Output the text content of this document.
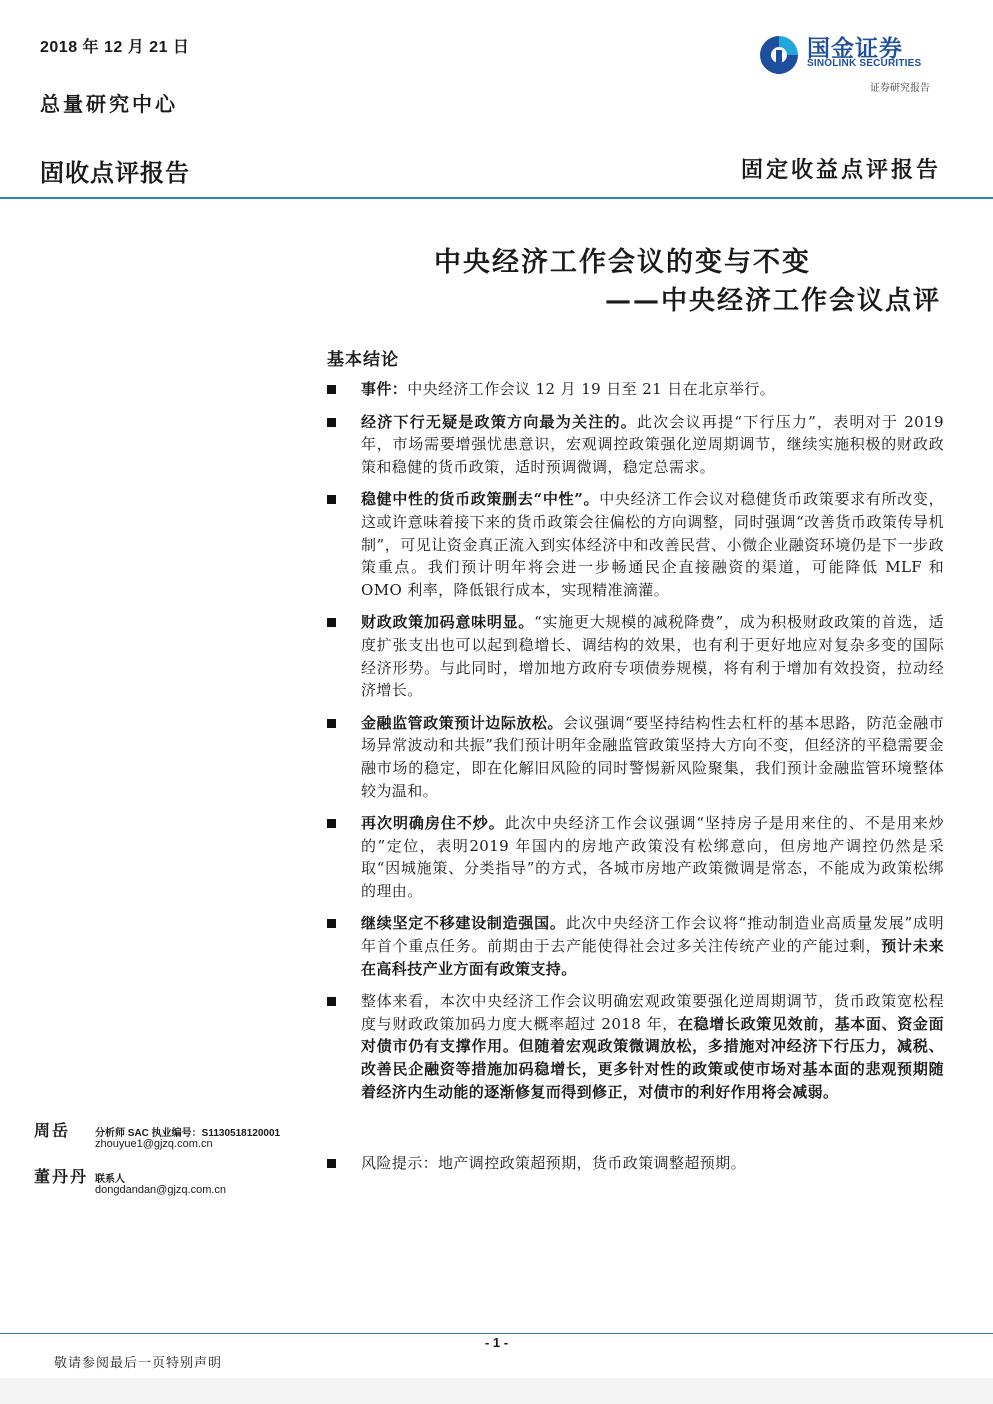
2018 年 12 月 21 日
总量研究中心
国金证券
SINOLINK SECURITIES
证券研究报告
固收点评报告	固定收益点评报告
中央经济工作会议的变与不变
——中央经济工作会议点评
基本结论
事件：中央经济工作会议 12 月 19 日至 21 日在北京举行。
经济下行无疑是政策方向最为关注的。此次会议再提“下行压力”，表明对于 2019 年，市场需要增强忧患意识，宏观调控政策强化逆周期调节，继续实施积极的财政政策和稳健的货币政策，适时预调微调，稳定总需求。
稳健中性的货币政策删去“中性”。中央经济工作会议对稳健货币政策要求有所改变，这或许意味着接下来的货币政策会往偏松的方向调整，同时强调“改善货币政策传导机制”，可见让资金真正流入到实体经济中和改善民营、小微企业融资环境仍是下一步政策重点。我们预计明年将会进一步畅通民企直接融资的渠道，可能降低 MLF 和 OMO 利率，降低银行成本，实现精准滴灌。
财政政策加码意味明显。“实施更大规模的减税降费”，成为积极财政政策的首选，适度扩张支出也可以起到稳增长、调结构的效果，也有利于更好地应对复杂多变的国际经济形势。与此同时，增加地方政府专项债券规模，将有利于增加有效投资，拉动经济增长。
金融监管政策预计边际放松。会议强调“要坚持结构性去杠杆的基本思路，防范金融市场异常波动和共振”我们预计明年金融监管政策坚持大方向不变，但经济的平稳需要金融市场的稳定，即在化解旧风险的同时警惕新风险聚集，我们预计金融监管环境整体较为温和。
再次明确房住不炒。此次中央经济工作会议强调“坚持房子是用来住的、不是用来炒的”定位，表明2019 年国内的房地产政策没有松绑意向，但房地产调控仍然是采取“因城施策、分类指导”的方式，各城市房地产政策微调是常态，不能成为政策松绑的理由。
继续坚定不移建设制造强国。此次中央经济工作会议将“推动制造业高质量发展”成明年首个重点任务。前期由于去产能使得社会过多关注传统产业的产能过剩，预计未来在高科技产业方面有政策支持。
整体来看，本次中央经济工作会议明确宏观政策要强化逆周期调节，货币政策宽松程度与财政政策加码力度大概率超过 2018 年，在稳增长政策见效前，基本面、资金面对债市仍有支撑作用。但随着宏观政策微调放松，多措施对冲经济下行压力，减税、改善民企融资等措施加码稳增长，更多针对性的政策或使市场对基本面的悲观预期随着经济内生动能的逐渐修复而得到修正，对债市的利好作用将会减弱。
风险提示：地产调控政策超预期，货币政策调整超预期。
周岳 分析师 SAC 执业编号：S1130518120001
zhouyue1@gjzq.com.cn
董丹丹 联系人
dongdandan@gjzq.com.cn
- 1 -
敬请参阅最后一页特别声明
